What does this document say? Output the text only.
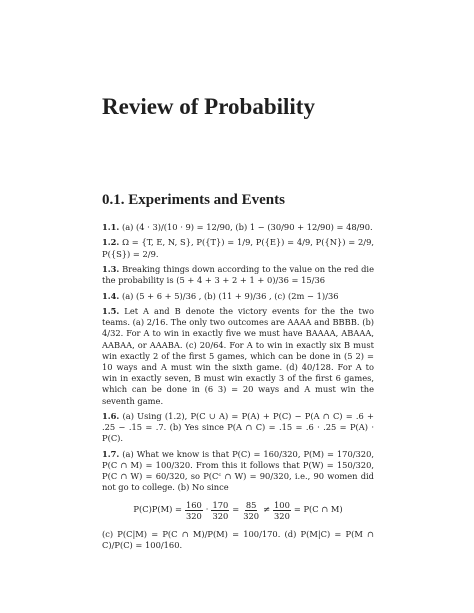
Review of Probability
0.1. Experiments and Events

1.1. (a) (4 · 3)/(10 · 9) = 12/90, (b) 1 − (30/90 + 12/90) = 48/90.

1.2. Ω = {T, E, N, S}, P({T}) = 1/9, P({E}) = 4/9, P({N}) = 2/9, P({S}) = 2/9.

1.3. Breaking things down according to the value on the red die the probability is (5 + 4 + 3 + 2 + 1 + 0)/36 = 15/36

1.4. (a) (5 + 6 + 5)/36 , (b) (11 + 9)/36 , (c) (2m − 1)/36

1.5. Let A and B denote the victory events for the the two teams. (a) 2/16. The only two outcomes are AAAA and BBBB. (b) 4/32. For A to win in exactly five we must have BAAAA, ABAAA, AABAA, or AAABA. (c) 20/64. For A to win in exactly six B must win exactly 2 of the first 5 games, which can be done in (5 2) = 10 ways and A must win the sixth game. (d) 40/128. For A to win in exactly seven, B must win exactly 3 of the first 6 games, which can be done in (6 3) = 20 ways and A must win the seventh game.

1.6. (a) Using (1.2), P(C ∪ A) = P(A) + P(C) − P(A ∩ C) = .6 + .25 − .15 = .7. (b) Yes since P(A ∩ C) = .15 = .6 · .25 = P(A) · P(C).

1.7. (a) What we know is that P(C) = 160/320, P(M) = 170/320, P(C ∩ M) = 100/320. From this it follows that P(W) = 150/320, P(C ∩ W) = 60/320, so P(Cᶜ ∩ W) = 90/320, i.e., 90 women did not go to college. (b) No since

$P(C)P(M) = \frac{160}{320} \cdot \frac{170}{320} = \frac{85}{320} \ne \frac{100}{320} = P(C$ ∩ M)

(c) P(C|M) = P(C ∩ M)/P(M) = 100/170. (d) P(M|C) = P(M ∩ C)/P(C) = 100/160.
